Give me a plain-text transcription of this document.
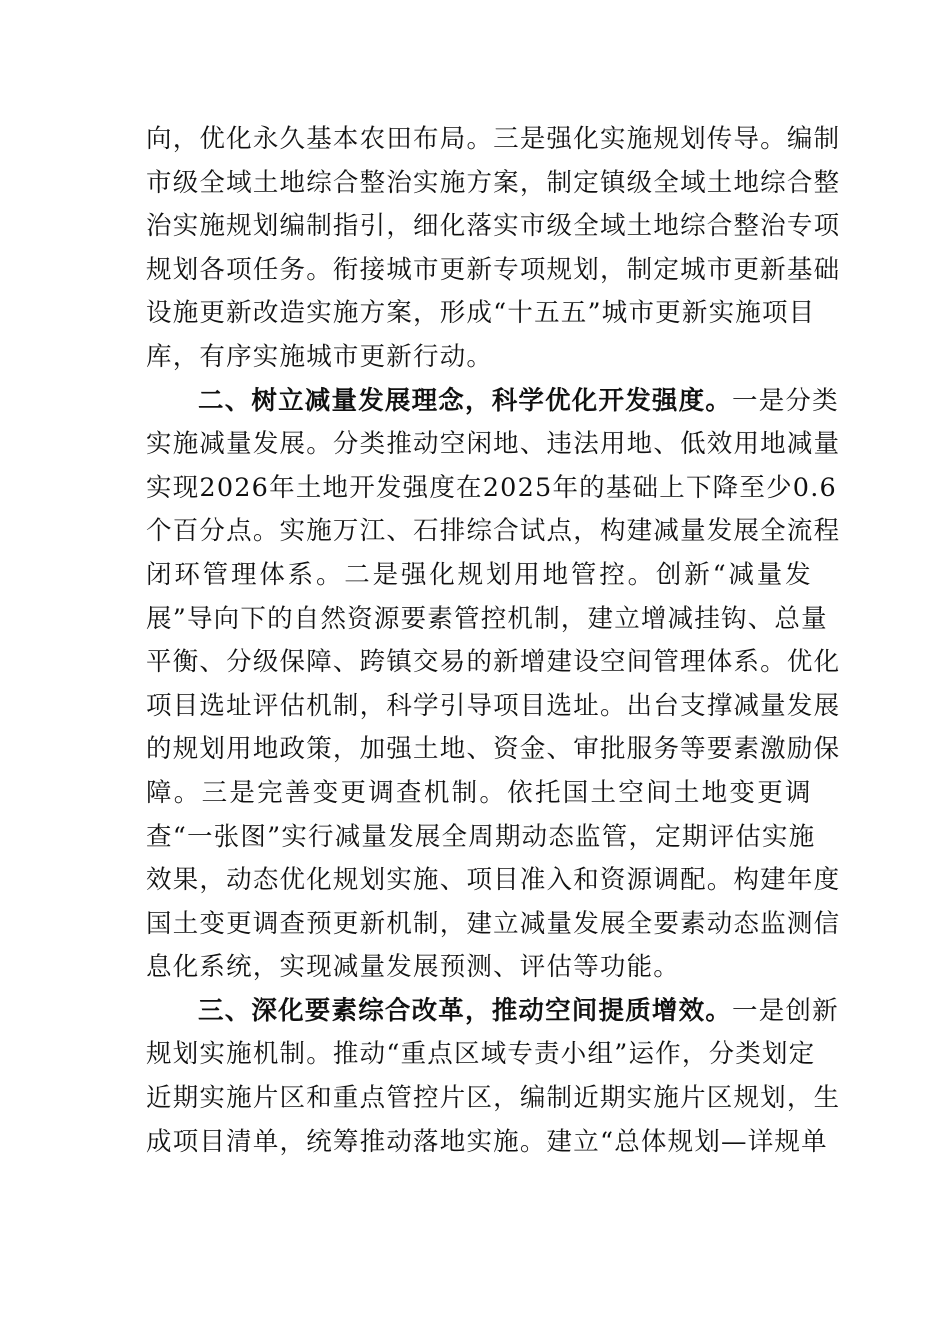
向 ， 优 化 永 久 基 本 农 田 布 局 。 三 是 强 化 实 施 规 划 传 导 。 编 制
市 级 全 域 土 地 综 合 整 治 实 施 方 案 ， 制 定 镇 级 全 域 土 地 综 合 整
治 实 施 规 划 编 制 指 引 ， 细 化 落 实 市 级 全 域 土 地 综 合 整 治 专 项
规 划 各 项 任 务 。 衔 接 城 市 更 新 专 项 规 划 ， 制 定 城 市 更 新 基 础
设 施 更 新 改 造 实 施 方 案 ， 形 成 “ 十 五 五 ” 城 市 更 新 实 施 项 目
库，有序实施城市更新行动。
二、树立减量发展理念，科学优化开发强度。一是分类
实 施 减 量 发 展 。 分 类 推 动 空 闲 地 、 违 法 用 地 、 低 效 用 地 减 量
实 现 2026 年 土 地 开 发 强 度 在 2025 年 的 基 础 上 下 降 至 少 0.6
个 百 分 点 。 实 施 万 江 、 石 排 综 合 试 点 ， 构 建 减 量 发 展 全 流 程
闭 环 管 理 体 系 。 二 是 强 化 规 划 用 地 管 控 。 创 新 “ 减 量 发
展 ” 导 向 下 的 自 然 资 源 要 素 管 控 机 制 ， 建 立 增 减 挂 钩 、 总 量
平 衡 、 分 级 保 障 、 跨 镇 交 易 的 新 增 建 设 空 间 管 理 体 系 。 优 化
项 目 选 址 评 估 机 制 ， 科 学 引 导 项 目 选 址 。 出 台 支 撑 减 量 发 展
的 规 划 用 地 政 策 ， 加 强 土 地 、 资 金 、 审 批 服 务 等 要 素 激 励 保
障 。 三 是 完 善 变 更 调 查 机 制 。 依 托 国 土 空 间 土 地 变 更 调
查 “ 一 张 图 ” 实 行 减 量 发 展 全 周 期 动 态 监 管 ， 定 期 评 估 实 施
效 果 ， 动 态 优 化 规 划 实 施 、 项 目 准 入 和 资 源 调 配 。 构 建 年 度
国 土 变 更 调 查 预 更 新 机 制 ， 建 立 减 量 发 展 全 要 素 动 态 监 测 信
息化系统，实现减量发展预测、评估等功能。
三、深化要素综合改革，推动空间提质增效。一是创新
规 划 实 施 机 制 。 推 动 “ 重 点 区 域 专 责 小 组 ” 运 作 ， 分 类 划 定
近 期 实 施 片 区 和 重 点 管 控 片 区 ， 编 制 近 期 实 施 片 区 规 划 ， 生
成 项 目 清 单 ， 统 筹 推 动 落 地 实 施 。 建 立 “ 总 体 规 划 — 详 规 单
